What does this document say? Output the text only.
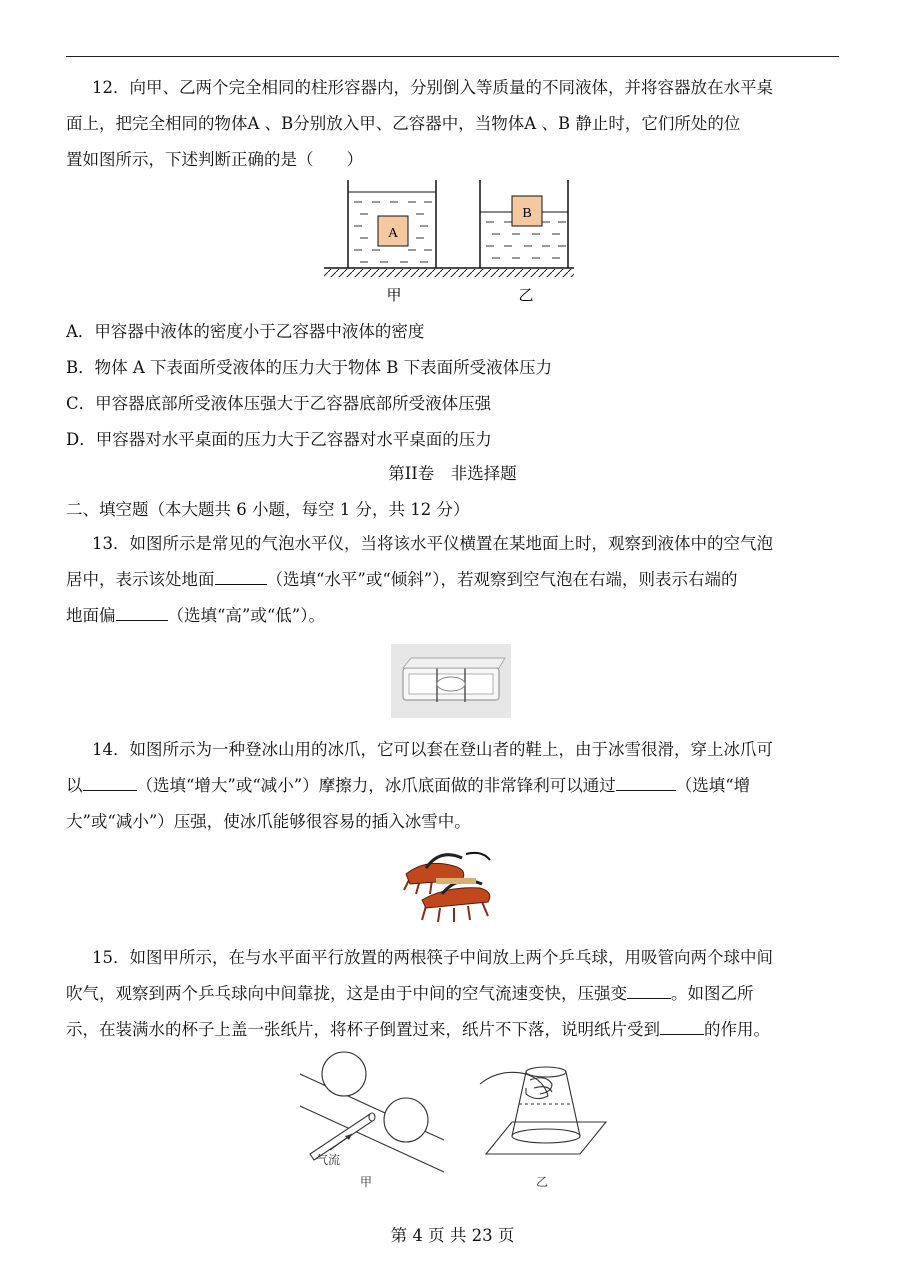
12．向甲、乙两个完全相同的柱形容器内，分别倒入等质量的不同液体，并将容器放在水平桌
面上，把完全相同的物体A 、B分别放入甲、乙容器中，当物体A 、B 静止时，它们所处的位
置如图所示，下述判断正确的是（　　）
A
B
甲	乙
A．甲容器中液体的密度小于乙容器中液体的密度
B．物体 A 下表面所受液体的压力大于物体 B 下表面所受液体压力
C．甲容器底部所受液体压强大于乙容器底部所受液体压强
D．甲容器对水平桌面的压力大于乙容器对水平桌面的压力
第II卷　非选择题
二、填空题（本大题共 6 小题，每空 1 分，共 12 分）
13．如图所示是常见的气泡水平仪，当将该水平仪横置在某地面上时，观察到液体中的空气泡
居中，表示该处地面	（选填“水平”或“倾斜”），若观察到空气泡在右端，则表示右端的
地面偏	（选填“高”或“低”）。
14．如图所示为一种登冰山用的冰爪，它可以套在登山者的鞋上，由于冰雪很滑，穿上冰爪可
以	（选填“增大”或“减小”）摩擦力，冰爪底面做的非常锋利可以通过	（选填“增
大”或“减小”）压强，使冰爪能够很容易的插入冰雪中。
15．如图甲所示，在与水平面平行放置的两根筷子中间放上两个乒乓球，用吸管向两个球中间
吹气，观察到两个乒乓球向中间靠拢，这是由于中间的空气流速变快，压强变	。如图乙所
示，在装满水的杯子上盖一张纸片，将杯子倒置过来，纸片不下落，说明纸片受到	的作用。
气流
甲	乙
第 4 页 共 23 页
